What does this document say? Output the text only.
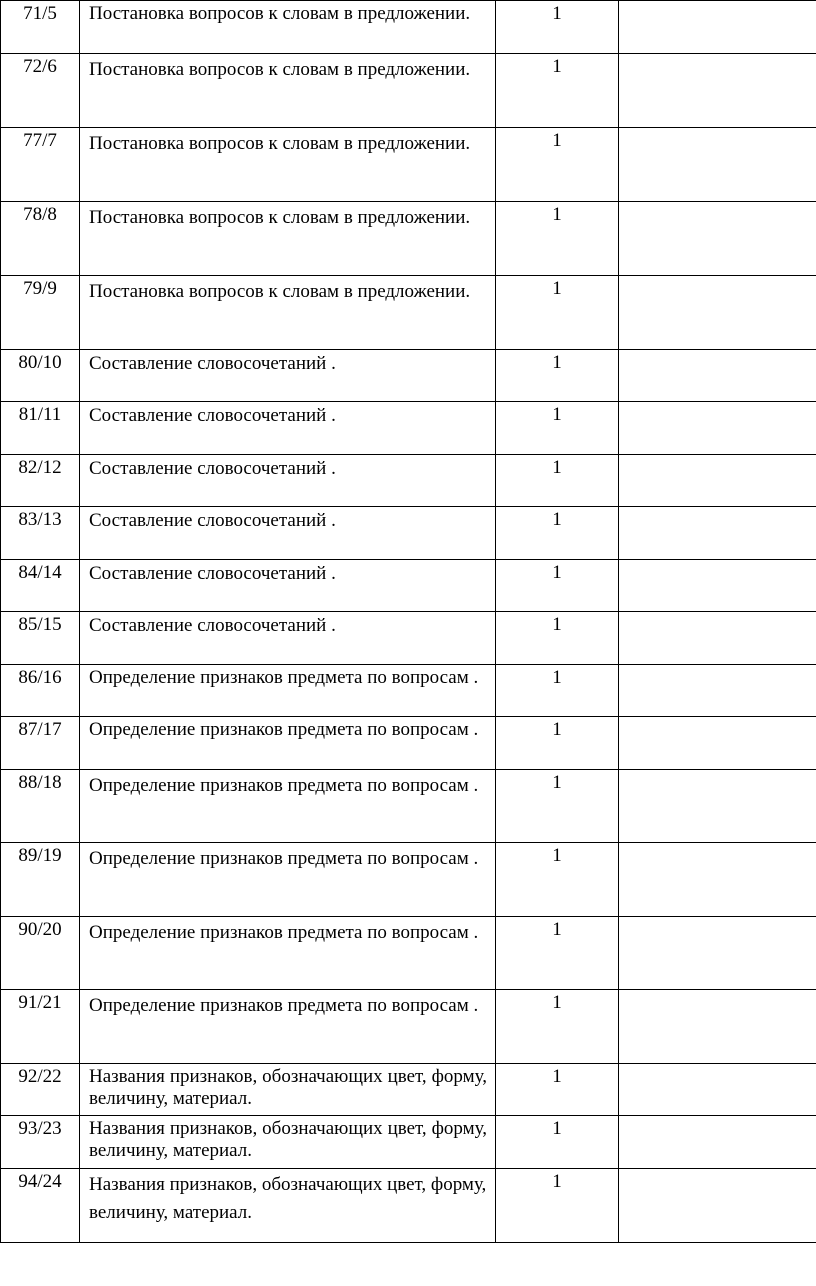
71/5	Постановка вопросов к словам в предложении.	1	
72/6	Постановка вопросов к словам в предложении.	1	
77/7	Постановка вопросов к словам в предложении.	1	
78/8	Постановка вопросов к словам в предложении.	1	
79/9	Постановка вопросов к словам в предложении.	1	
80/10	Составление словосочетаний .	1	
81/11	Составление словосочетаний .	1	
82/12	Составление словосочетаний .	1	
83/13	Составление словосочетаний .	1	
84/14	Составление словосочетаний .	1	
85/15	Составление словосочетаний .	1	
86/16	Определение признаков предмета по вопросам .	1	
87/17	Определение признаков предмета по вопросам .	1	
88/18	Определение признаков предмета по вопросам .	1	
89/19	Определение признаков предмета по вопросам .	1	
90/20	Определение признаков предмета по вопросам .	1	
91/21	Определение признаков предмета по вопросам .	1	
92/22	Названия признаков, обозначающих цвет, форму, величину, материал.	1	
93/23	Названия признаков, обозначающих цвет, форму, величину, материал.	1	
94/24	Названия признаков, обозначающих цвет, форму, величину, материал.	1	
